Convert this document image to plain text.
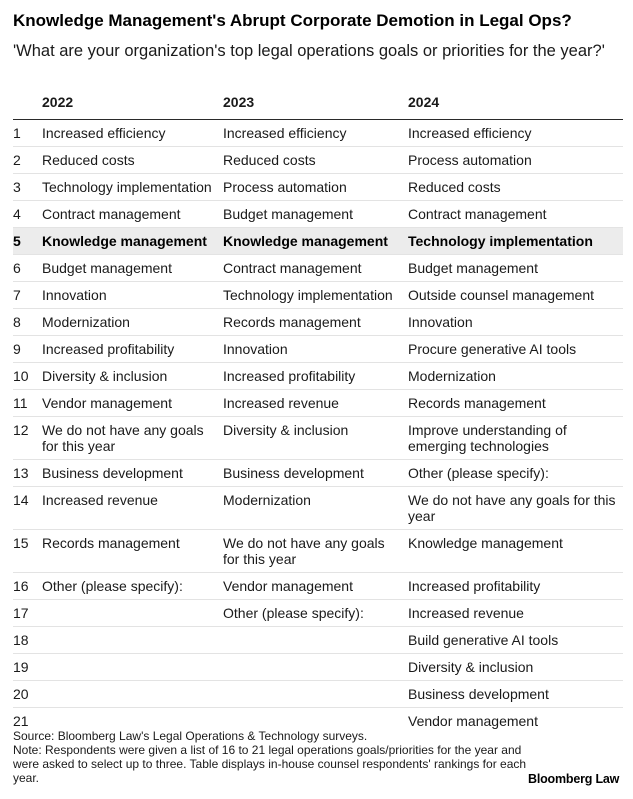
Knowledge Management's Abrupt Corporate Demotion in Legal Ops?
'What are your organization's top legal operations goals or priorities for the year?'
	2022	2023	2024

1	Increased efficiency	Increased efficiency	Increased efficiency

2	Reduced costs	Reduced costs	Process automation

3	Technology implementation	Process automation	Reduced costs

4	Contract management	Budget management	Contract management

5	Knowledge management	Knowledge management	Technology implementation

6	Budget management	Contract management	Budget management

7	Innovation	Technology implementation	Outside counsel management

8	Modernization	Records management	Innovation

9	Increased profitability	Innovation	Procure generative AI tools

10	Diversity & inclusion	Increased profitability	Modernization

11	Vendor management	Increased revenue	Records management

12	We do not have any goals for this year	Diversity & inclusion	Improve understanding of emerging technologies

13	Business development	Business development	Other (please specify):

14	Increased revenue	Modernization	We do not have any goals for this year

15	Records management	We do not have any goals for this year	Knowledge management

16	Other (please specify):	Vendor management	Increased profitability

17		Other (please specify):	Increased revenue

18			Build generative AI tools

19			Diversity & inclusion

20			Business development

21			Vendor management
Source: Bloomberg Law's Legal Operations & Technology surveys.
Note: Respondents were given a list of 16 to 21 legal operations goals/priorities for the year and were asked to select up to three. Table displays in-house counsel respondents' rankings for each year.	Bloomberg Law
